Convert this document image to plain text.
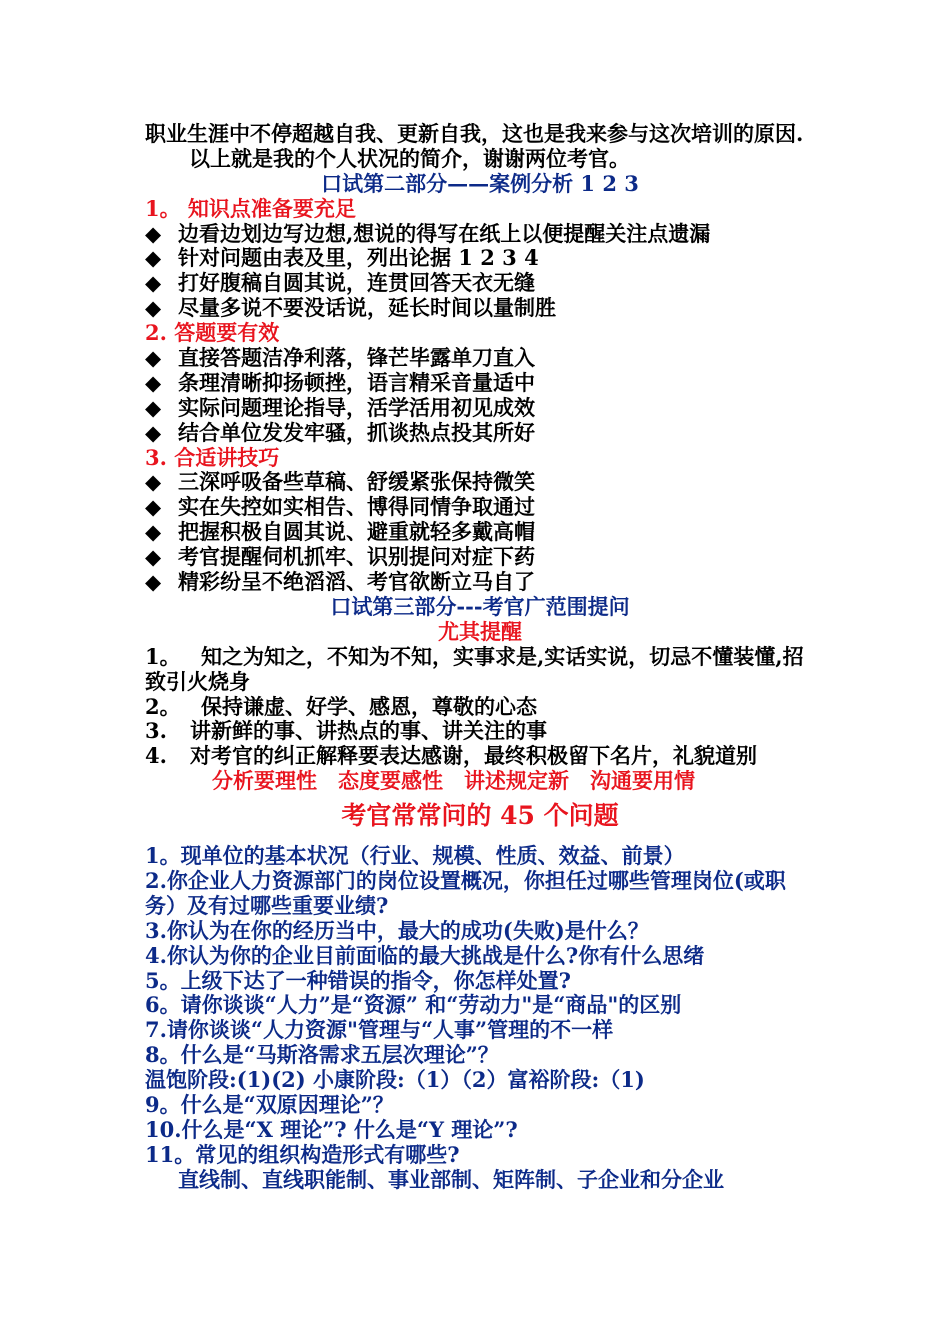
职业生涯中不停超越自我、更新自我，这也是我来参与这次培训的原因.
以上就是我的个人状况的简介，谢谢两位考官。
口试第二部分——案例分析 1 2 3
1。 知识点准备要充足
◆ 边看边划边写边想,想说的得写在纸上以便提醒关注点遗漏
◆ 针对问题由表及里，列出论据 1 2 3 4
◆ 打好腹稿自圆其说，连贯回答天衣无缝
◆ 尽量多说不要没话说，延长时间以量制胜
2. 答题要有效
◆ 直接答题洁净利落，锋芒毕露单刀直入
◆ 条理清晰抑扬顿挫，语言精采音量适中
◆ 实际问题理论指导，活学活用初见成效
◆ 结合单位发发牢骚，抓谈热点投其所好
3. 合适讲技巧
◆ 三深呼吸备些草稿、舒缓紧张保持微笑
◆ 实在失控如实相告、博得同情争取通过
◆ 把握积极自圆其说、避重就轻多戴高帽
◆ 考官提醒伺机抓牢、识别提问对症下药
◆ 精彩纷呈不绝滔滔、考官欲断立马自了
口试第三部分---考官广范围提问
尤其提醒
1。 知之为知之，不知为不知，实事求是,实话实说，切忌不懂装懂,招致引火烧身
2。 保持谦虚、好学、感恩，尊敬的心态
3. 讲新鲜的事、讲热点的事、讲关注的事
4. 对考官的纠正解释要表达感谢，最终积极留下名片，礼貌道别
分析要理性　态度要感性　讲述规定新　沟通要用情
考官常常问的 45 个问题
1。现单位的基本状况（行业、规模、性质、效益、前景）
2.你企业人力资源部门的岗位设置概况，你担任过哪些管理岗位(或职务）及有过哪些重要业绩?
3.你认为在你的经历当中，最大的成功(失败)是什么？
4.你认为你的企业目前面临的最大挑战是什么?你有什么思绪
5。上级下达了一种错误的指令，你怎样处置?
6。请你谈谈“人力”是“资源” 和“劳动力"是“商品"的区别
7.请你谈谈“人力资源"管理与“人事”管理的不一样
8。什么是“马斯洛需求五层次理论”？
温饱阶段:(1)(2) 小康阶段:（1）（2）富裕阶段:（1)
9。什么是“双原因理论”？
10.什么是“X 理论”? 什么是“Y 理论”?
11。常见的组织构造形式有哪些?
直线制、直线职能制、事业部制、矩阵制、子企业和分企业
